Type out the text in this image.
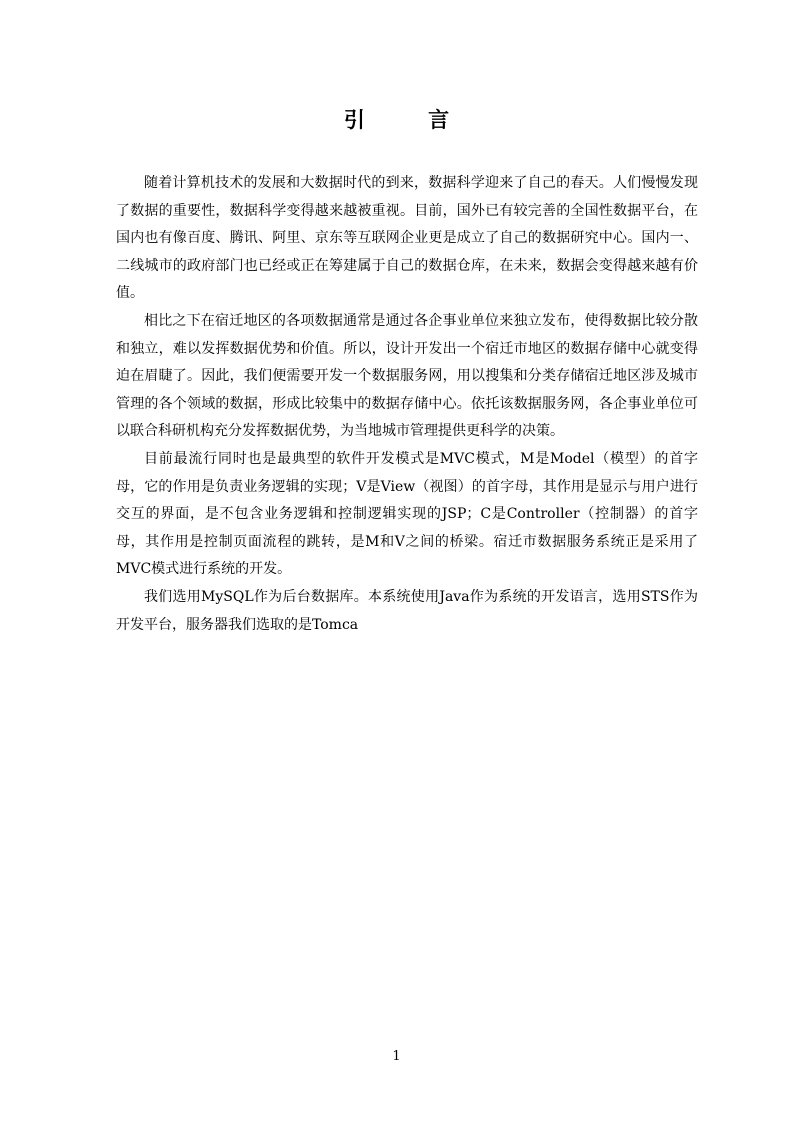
引 言

随着计算机技术的发展和大数据时代的到来，数据科学迎来了自己的春天。人们慢慢发现了数据的重要性，数据科学变得越来越被重视。目前，国外已有较完善的全国性数据平台，在国内也有像百度、腾讯、阿里、京东等互联网企业更是成立了自己的数据研究中心。国内一、二线城市的政府部门也已经或正在筹建属于自己的数据仓库，在未来，数据会变得越来越有价值。

相比之下在宿迁地区的各项数据通常是通过各企事业单位来独立发布，使得数据比较分散和独立，难以发挥数据优势和价值。所以，设计开发出一个宿迁市地区的数据存储中心就变得迫在眉睫了。因此，我们便需要开发一个数据服务网，用以搜集和分类存储宿迁地区涉及城市管理的各个领域的数据，形成比较集中的数据存储中心。依托该数据服务网，各企事业单位可以联合科研机构充分发挥数据优势，为当地城市管理提供更科学的决策。

目前最流行同时也是最典型的软件开发模式是MVC模式，M是Model（模型）的首字母，它的作用是负责业务逻辑的实现；V是View（视图）的首字母，其作用是显示与用户进行交互的界面，是不包含业务逻辑和控制逻辑实现的JSP；C是Controller（控制器）的首字母，其作用是控制页面流程的跳转，是M和V之间的桥梁。宿迁市数据服务系统正是采用了MVC模式进行系统的开发。

我们选用MySQL作为后台数据库。本系统使用Java作为系统的开发语言，选用STS作为开发平台，服务器我们选取的是Tomca

1
